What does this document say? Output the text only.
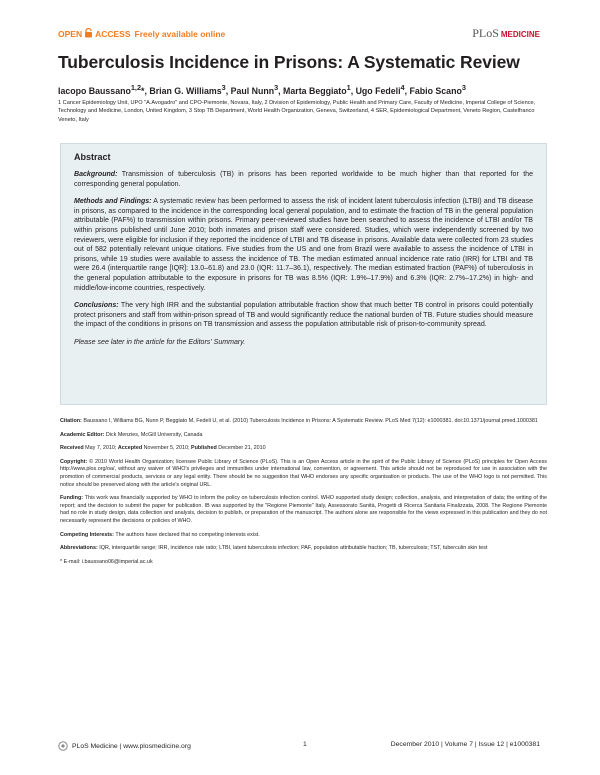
OPEN ACCESS Freely available online	PLoS MEDICINE
Tuberculosis Incidence in Prisons: A Systematic Review
Iacopo Baussano$^{1,2}$*, Brian G. Williams$^3$, Paul Nunn$^3$, Marta Beggiato$^1$, Ugo Fedeli$^4$, Fabio Scano$^3$
1 Cancer Epidemiology Unit, UPO "A.Avogadro" and CPO-Piemonte, Novara, Italy, 2 Division of Epidemiology, Public Health and Primary Care, Faculty of Medicine, Imperial College of Science, Technology and Medicine, London, United Kingdom, 3 Stop TB Department, World Health Organization, Geneva, Switzerland, 4 SER, Epidemiological Department, Veneto Region, Castelfranco Veneto, Italy
Abstract

Background: Transmission of tuberculosis (TB) in prisons has been reported worldwide to be much higher than that reported for the corresponding general population.

Methods and Findings: A systematic review has been performed to assess the risk of incident latent tuberculosis infection (LTBI) and TB disease in prisons, as compared to the incidence in the corresponding local general population, and to estimate the fraction of TB in the general population attributable (PAF%) to transmission within prisons. Primary peer-reviewed studies have been searched to assess the incidence of LTBI and/or TB within prisons published until June 2010; both inmates and prison staff were considered. Studies, which were independently screened by two reviewers, were eligible for inclusion if they reported the incidence of LTBI and TB disease in prisons. Available data were collected from 23 studies out of 582 potentially relevant unique citations. Five studies from the US and one from Brazil were available to assess the incidence of LTBI in prisons, while 19 studies were available to assess the incidence of TB. The median estimated annual incidence rate ratio (IRR) for LTBI and TB were 26.4 (interquartile range [IQR]: 13.0–61.8) and 23.0 (IQR: 11.7–36.1), respectively. The median estimated fraction (PAF%) of tuberculosis in the general population attributable to the exposure in prisons for TB was 8.5% (IQR: 1.9%–17.9%) and 6.3% (IQR: 2.7%–17.2%) in high- and middle/low-income countries, respectively.

Conclusions: The very high IRR and the substantial population attributable fraction show that much better TB control in prisons could potentially protect prisoners and staff from within-prison spread of TB and would significantly reduce the national burden of TB. Future studies should measure the impact of the conditions in prisons on TB transmission and assess the population attributable risk of prison-to-community spread.

Please see later in the article for the Editors' Summary.

Citation: Baussano I, Williams BG, Nunn P, Beggiato M, Fedeli U, et al. (2010) Tuberculosis Incidence in Prisons: A Systematic Review. PLoS Med 7(12): e1000381. doi:10.1371/journal.pmed.1000381

Academic Editor: Dick Menzies, McGill University, Canada

Received May 7, 2010; Accepted November 5, 2010; Published December 21, 2010

Copyright: © 2010 World Health Organization; licensee Public Library of Science (PLoS). This is an Open Access article in the spirit of the Public Library of Science (PLoS) principles for Open Access http://www.plos.org/oa/, without any waiver of WHO's privileges and immunities under international law, convention, or agreement. This article should not be reproduced for use in association with the promotion of commercial products, services or any legal entity. There should be no suggestion that WHO endorses any specific organisation or products. The use of the WHO logo is not permitted. This notice should be preserved along with the article's original URL.

Funding: This work was financially supported by WHO to inform the policy on tuberculosis infection control. WHO supported study design; collection, analysis, and interpretation of data; the writing of the report; and the decision to submit the paper for publication. IB was supported by the "Regione Piemonte" Italy, Assessorato Sanità, Progetti di Ricerca Sanitaria Finalizzata, 2008. The Regione Piemonte had no role in study design, data collection and analysis, decision to publish, or preparation of the manuscript. The authors alone are responsible for the views expressed in this publication and they do not necessarily represent the decisions or policies of WHO.

Competing Interests: The authors have declared that no competing interests exist.

Abbreviations: IQR, interquartile range; IRR, incidence rate ratio; LTBI, latent tuberculosis infection; PAF, population attributable fraction; TB, tuberculosis; TST, tuberculin skin test

* E-mail: i.baussano06@imperial.ac.uk

PLoS Medicine | www.plosmedicine.org	1	December 2010 | Volume 7 | Issue 12 | e1000381
